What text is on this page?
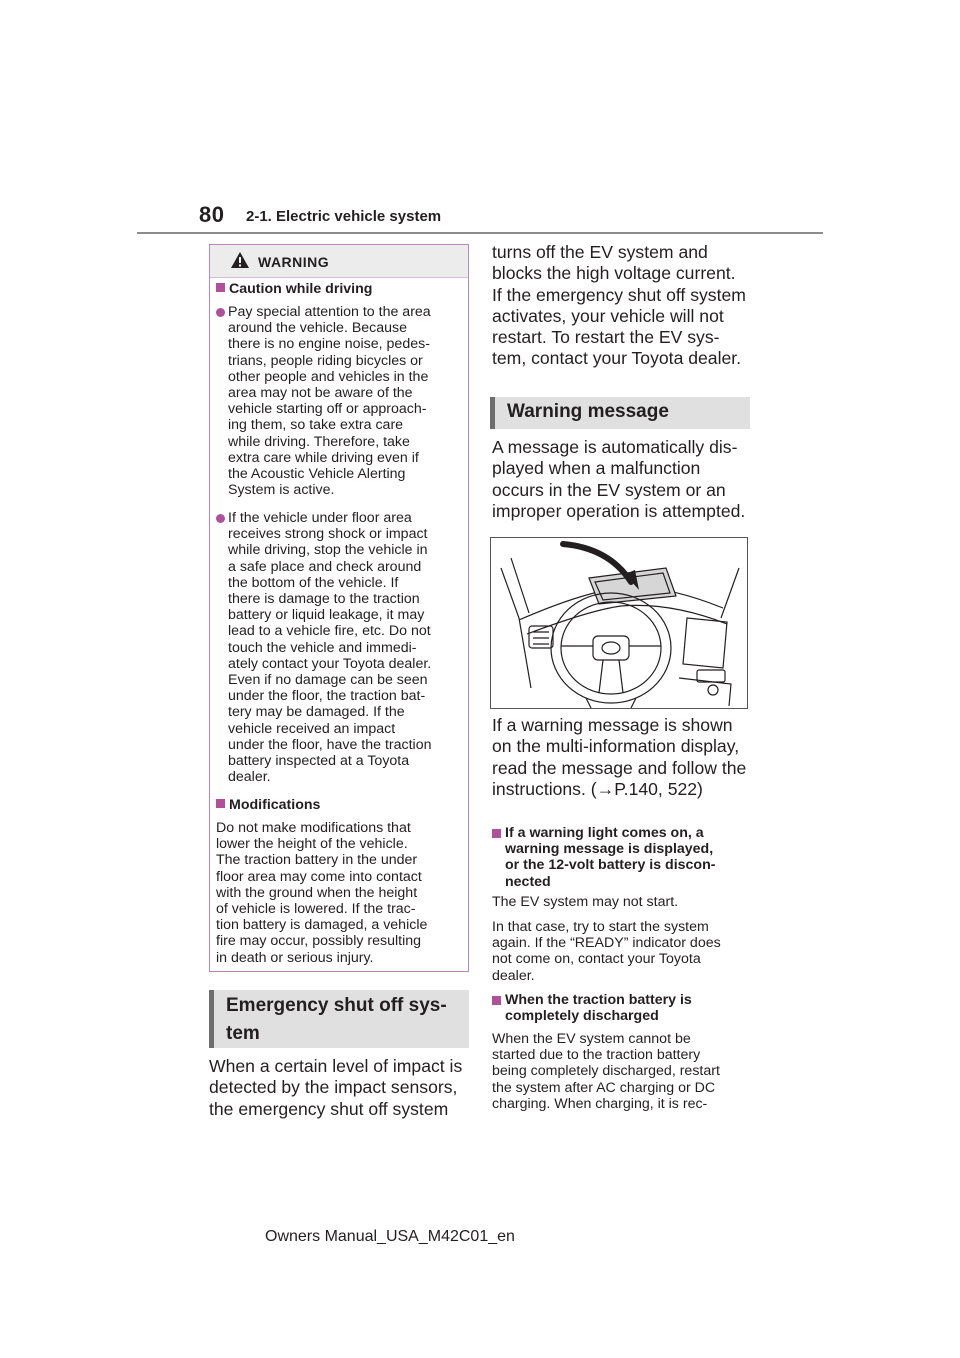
80 2-1. Electric vehicle system
WARNING
Caution while driving
Pay special attention to the area
around the vehicle. Because
there is no engine noise, pedes-
trians, people riding bicycles or
other people and vehicles in the
area may not be aware of the
vehicle starting off or approach-
ing them, so take extra care
while driving. Therefore, take
extra care while driving even if
the Acoustic Vehicle Alerting
System is active.
If the vehicle under floor area
receives strong shock or impact
while driving, stop the vehicle in
a safe place and check around
the bottom of the vehicle. If
there is damage to the traction
battery or liquid leakage, it may
lead to a vehicle fire, etc. Do not
touch the vehicle and immedi-
ately contact your Toyota dealer.
Even if no damage can be seen
under the floor, the traction bat-
tery may be damaged. If the
vehicle received an impact
under the floor, have the traction
battery inspected at a Toyota
dealer.
Modifications
Do not make modifications that
lower the height of the vehicle.
The traction battery in the under
floor area may come into contact
with the ground when the height
of vehicle is lowered. If the trac-
tion battery is damaged, a vehicle
fire may occur, possibly resulting
in death or serious injury.
Emergency shut off sys-
tem
When a certain level of impact is
detected by the impact sensors,
the emergency shut off system
turns off the EV system and
blocks the high voltage current.
If the emergency shut off system
activates, your vehicle will not
restart. To restart the EV sys-
tem, contact your Toyota dealer.
Warning message
A message is automatically dis-
played when a malfunction
occurs in the EV system or an
improper operation is attempted.
If a warning message is shown
on the multi-information display,
read the message and follow the
instructions. (→P.140, 522)
If a warning light comes on, a
warning message is displayed,
or the 12-volt battery is discon-
nected
The EV system may not start.
In that case, try to start the system
again. If the “READY” indicator does
not come on, contact your Toyota
dealer.
When the traction battery is
completely discharged
When the EV system cannot be
started due to the traction battery
being completely discharged, restart
the system after AC charging or DC
charging. When charging, it is rec-
Owners Manual_USA_M42C01_en
